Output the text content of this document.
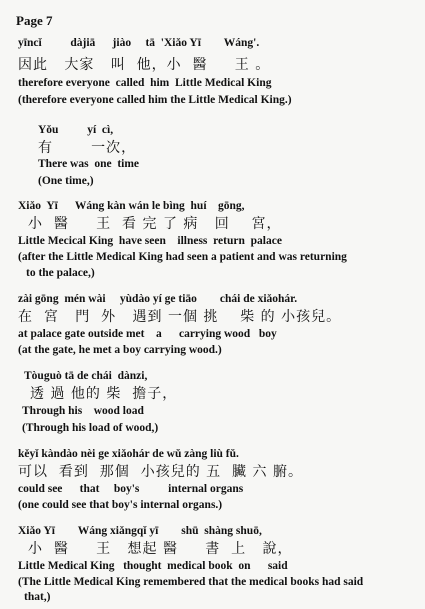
Page 7
yīncǐ          dàjiā      jiào     tā  'Xiǎo Yī        Wáng'.
因此   大家   叫  他，小  醫     王 。
therefore everyone  called  him  Little Medical King
(therefore everyone called him the Little Medical King.)
Yǒu          yí  cì,
有       一次，
There was  one  time
(One time,)
Xiǎo  Yī      Wáng kàn wán le bìng  huí    gōng,
小  醫     王  看 完 了 病   回    宮，
Little Mecical King  have seen    illness  return  palace
(after the Little Medical King had seen a patient and was returning
to the palace,)
zài gōng  mén wài     yùdào yí ge tiāo        chái de xiǎohár.
在  宮   門  外   遇到 一個 挑    柴 的 小孩兒。
at palace gate outside met    a      carrying wood   boy
(at the gate, he met a boy carrying wood.)
Tòuguò tā de chái  dànzi,
透 過 他的 柴  擔子，
Through his    wood load
(Through his load of wood,)
kěyǐ kàndào nèi ge xiǎohár de wǔ zàng liù fǔ.
可以  看到  那個  小孩兒的 五  臟 六 腑。
could see      that     boy's          internal organs
(one could see that boy's internal organs.)
Xiǎo Yī        Wáng xiǎngqǐ yī        shū  shàng shuō,
小  醫     王   想起 醫     書  上   說，
Little Medical King   thought  medical book  on      said
(The Little Medical King remembered that the medical books had said
that,)
